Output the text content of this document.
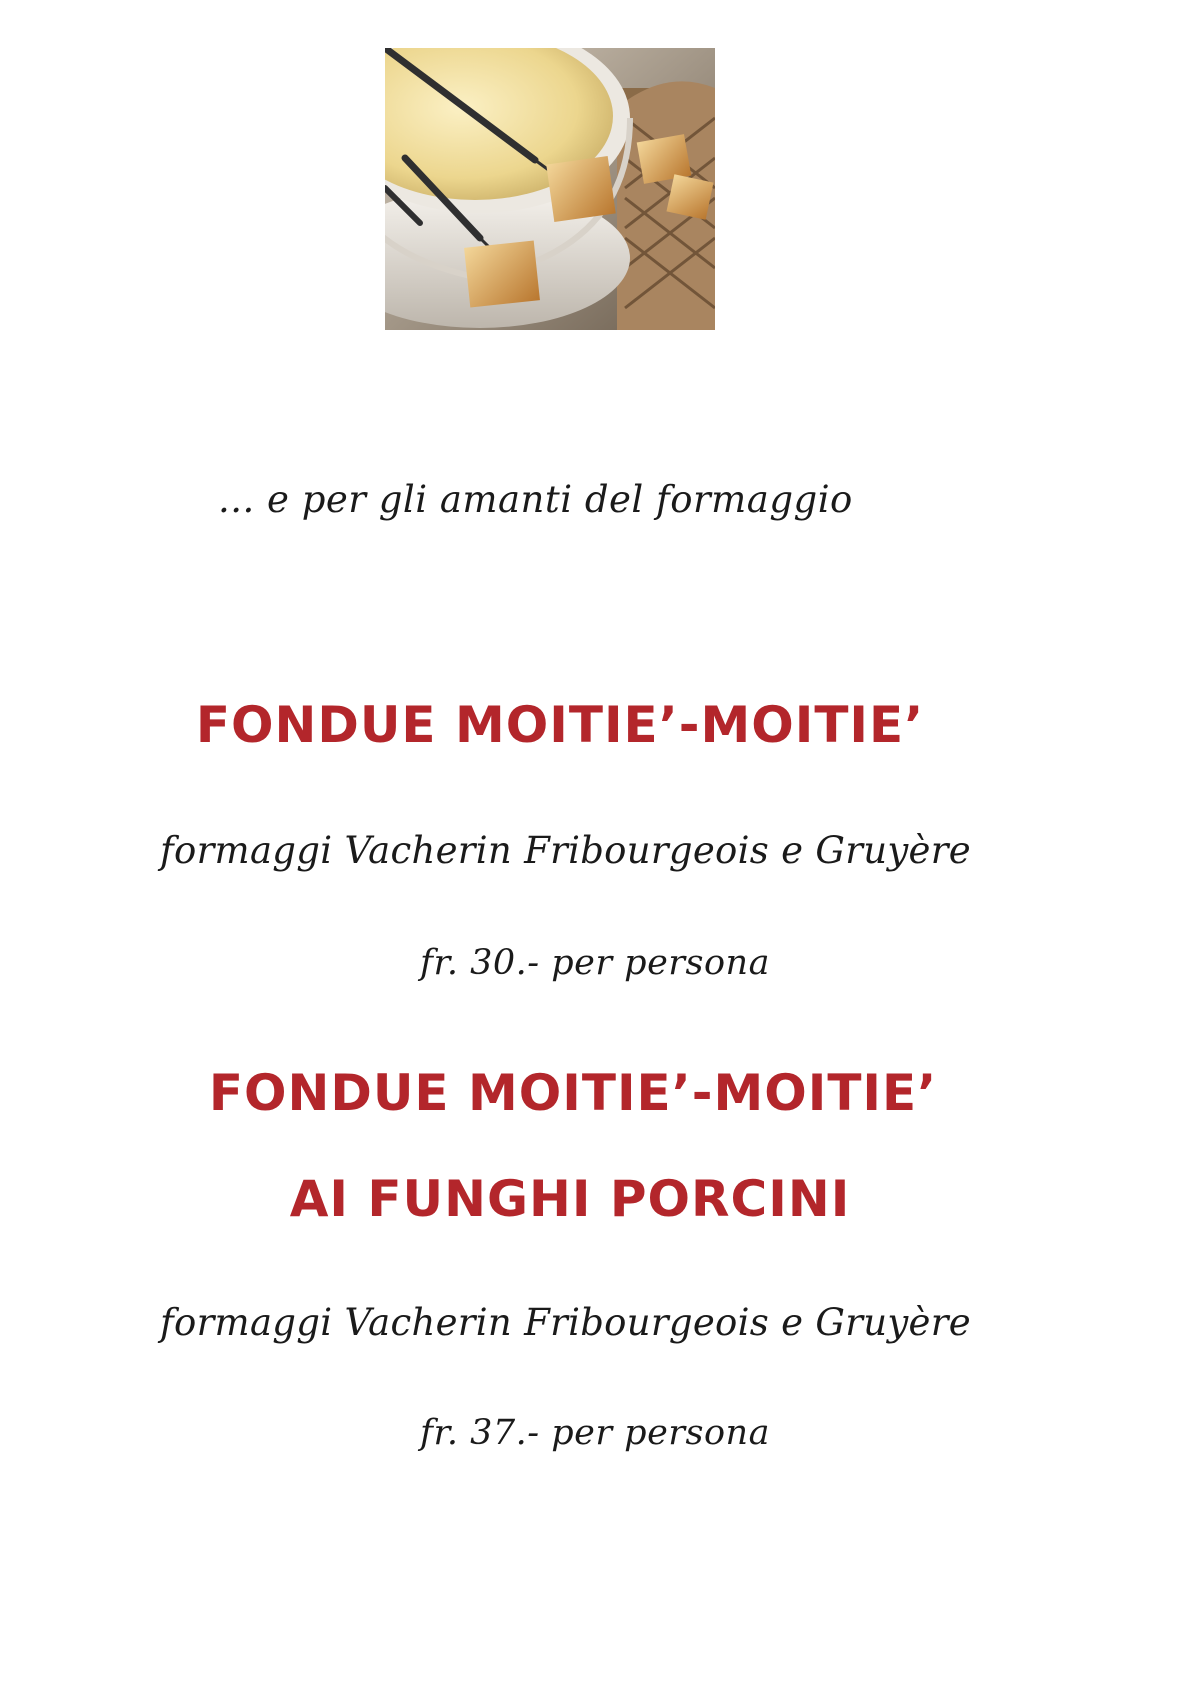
... e per gli amanti del formaggio
FONDUE MOITIE’-MOITIE’
formaggi Vacherin Fribourgeois e Gruyère
fr. 30.- per persona
FONDUE MOITIE’-MOITIE’
AI FUNGHI PORCINI
formaggi Vacherin Fribourgeois e Gruyère
fr. 37.- per persona
